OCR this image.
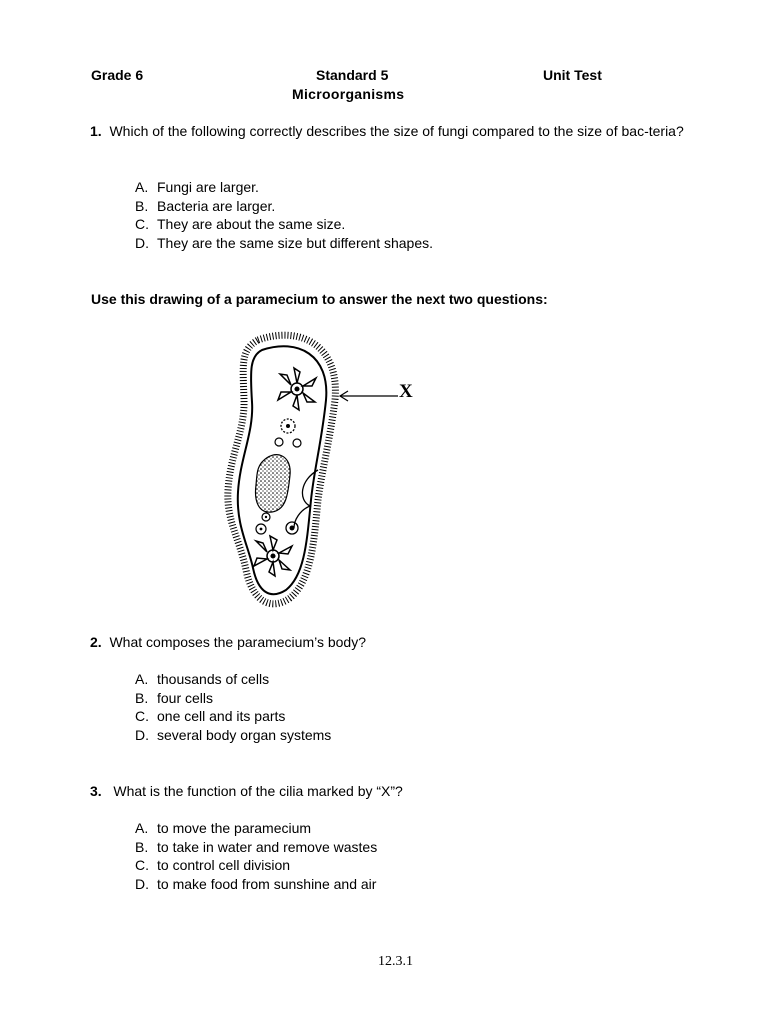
Grade 6	Standard 5	Unit Test
Microorganisms
1. Which of the following correctly describes the size of fungi compared to the size of bac-teria?
A. Fungi are larger.
B. Bacteria are larger.
C. They are about the same size.
D. They are the same size but different shapes.
Use this drawing of a paramecium to answer the next two questions:
X
2. What composes the paramecium’s body?
A. thousands of cells
B. four cells
C. one cell and its parts
D. several body organ systems
3. What is the function of the cilia marked by “X”?
A. to move the paramecium
B. to take in water and remove wastes
C. to control cell division
D. to make food from sunshine and air
12.3.1
